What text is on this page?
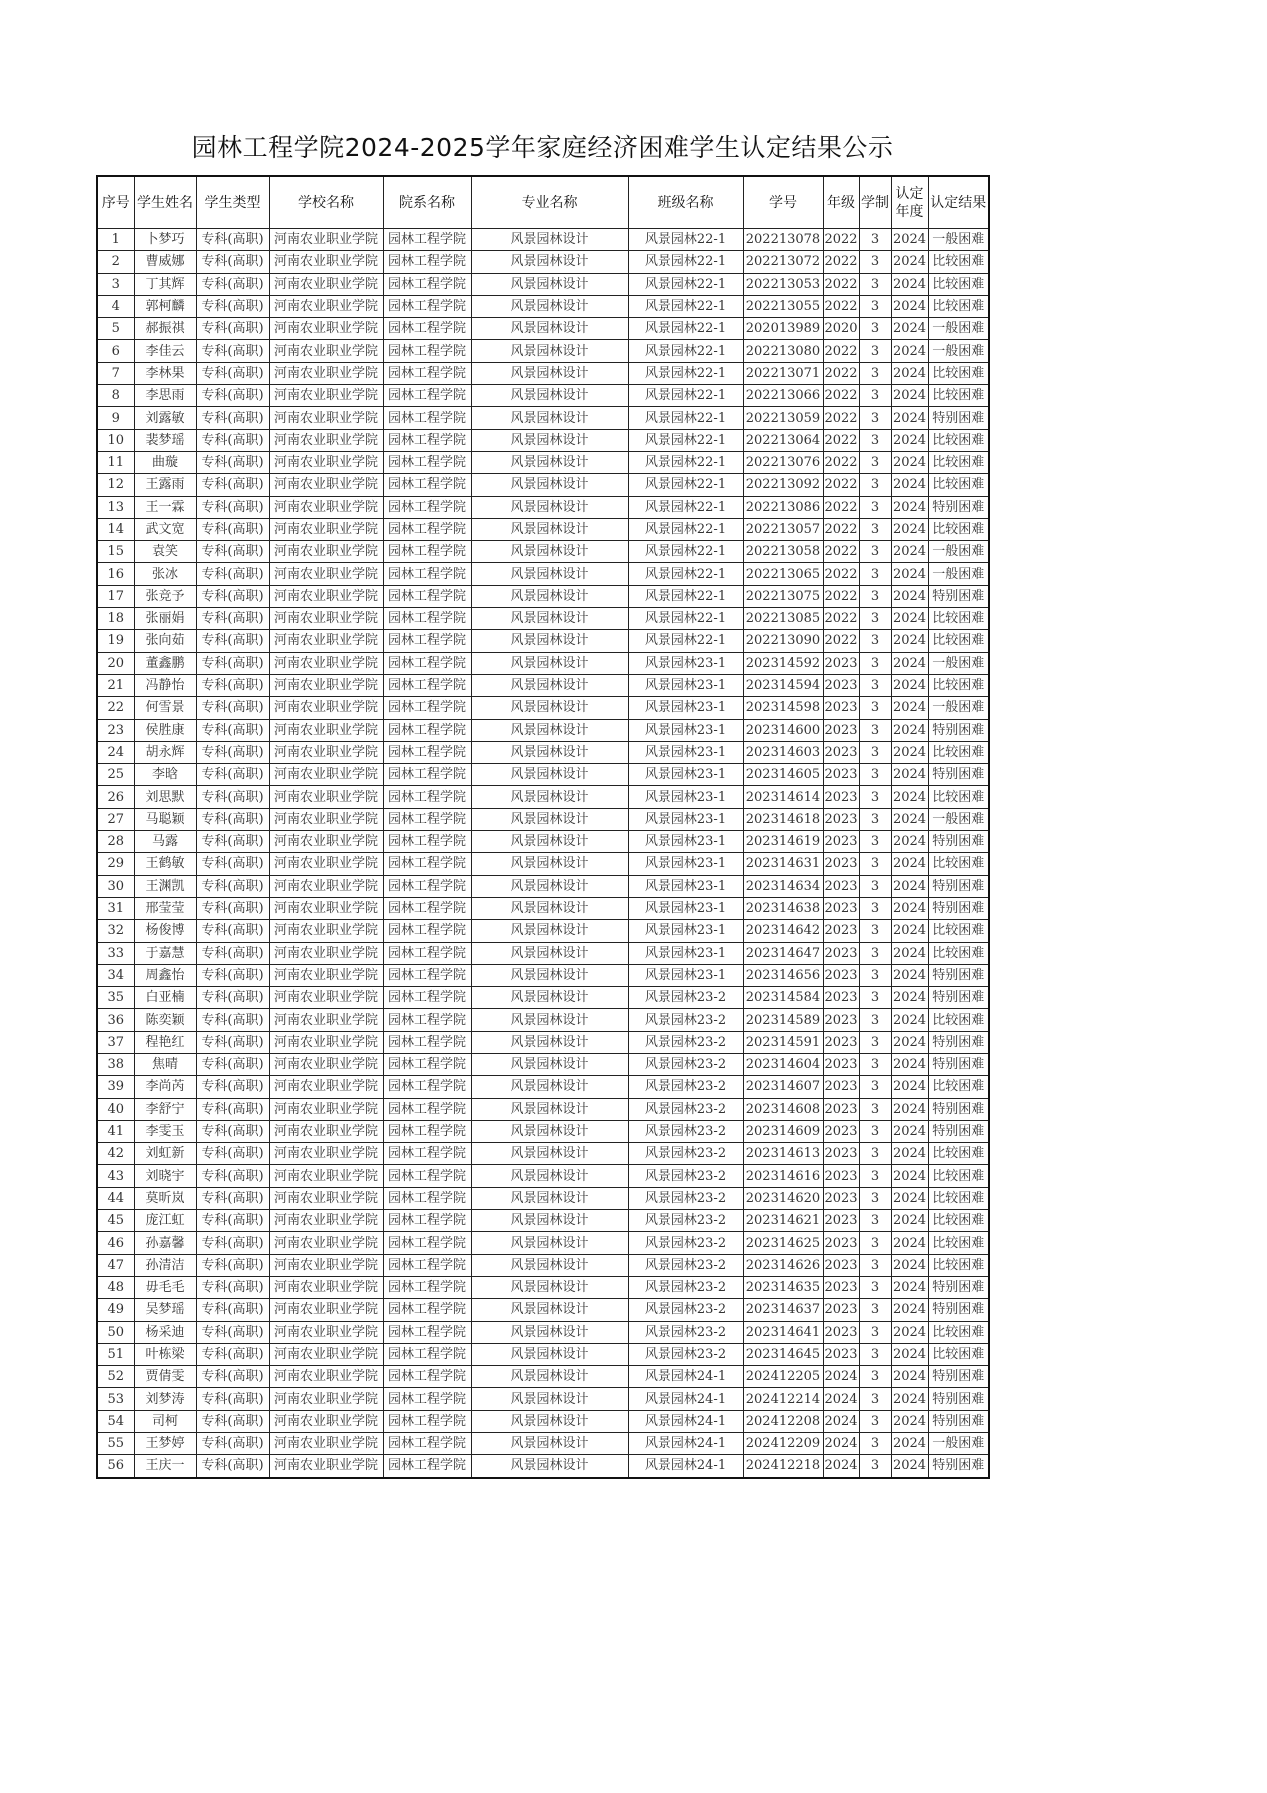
园林工程学院2024-2025学年家庭经济困难学生认定结果公示
序号	学生姓名	学生类型	学校名称	院系名称	专业名称	班级名称	学号	年级	学制	认定年度	认定结果
1	卜梦巧	专科(高职)	河南农业职业学院	园林工程学院	风景园林设计	风景园林22-1	202213078	2022	3	2024	一般困难
2	曹威娜	专科(高职)	河南农业职业学院	园林工程学院	风景园林设计	风景园林22-1	202213072	2022	3	2024	比较困难
3	丁其辉	专科(高职)	河南农业职业学院	园林工程学院	风景园林设计	风景园林22-1	202213053	2022	3	2024	比较困难
4	郭柯麟	专科(高职)	河南农业职业学院	园林工程学院	风景园林设计	风景园林22-1	202213055	2022	3	2024	比较困难
5	郝振祺	专科(高职)	河南农业职业学院	园林工程学院	风景园林设计	风景园林22-1	202013989	2020	3	2024	一般困难
6	李佳云	专科(高职)	河南农业职业学院	园林工程学院	风景园林设计	风景园林22-1	202213080	2022	3	2024	一般困难
7	李林果	专科(高职)	河南农业职业学院	园林工程学院	风景园林设计	风景园林22-1	202213071	2022	3	2024	比较困难
8	李思雨	专科(高职)	河南农业职业学院	园林工程学院	风景园林设计	风景园林22-1	202213066	2022	3	2024	比较困难
9	刘露敏	专科(高职)	河南农业职业学院	园林工程学院	风景园林设计	风景园林22-1	202213059	2022	3	2024	特别困难
10	裴梦瑶	专科(高职)	河南农业职业学院	园林工程学院	风景园林设计	风景园林22-1	202213064	2022	3	2024	比较困难
11	曲璇	专科(高职)	河南农业职业学院	园林工程学院	风景园林设计	风景园林22-1	202213076	2022	3	2024	比较困难
12	王露雨	专科(高职)	河南农业职业学院	园林工程学院	风景园林设计	风景园林22-1	202213092	2022	3	2024	比较困难
13	王一霖	专科(高职)	河南农业职业学院	园林工程学院	风景园林设计	风景园林22-1	202213086	2022	3	2024	特别困难
14	武文宽	专科(高职)	河南农业职业学院	园林工程学院	风景园林设计	风景园林22-1	202213057	2022	3	2024	比较困难
15	袁笑	专科(高职)	河南农业职业学院	园林工程学院	风景园林设计	风景园林22-1	202213058	2022	3	2024	一般困难
16	张冰	专科(高职)	河南农业职业学院	园林工程学院	风景园林设计	风景园林22-1	202213065	2022	3	2024	一般困难
17	张竞予	专科(高职)	河南农业职业学院	园林工程学院	风景园林设计	风景园林22-1	202213075	2022	3	2024	特别困难
18	张丽娟	专科(高职)	河南农业职业学院	园林工程学院	风景园林设计	风景园林22-1	202213085	2022	3	2024	比较困难
19	张向茹	专科(高职)	河南农业职业学院	园林工程学院	风景园林设计	风景园林22-1	202213090	2022	3	2024	比较困难
20	董鑫鹏	专科(高职)	河南农业职业学院	园林工程学院	风景园林设计	风景园林23-1	202314592	2023	3	2024	一般困难
21	冯静怡	专科(高职)	河南农业职业学院	园林工程学院	风景园林设计	风景园林23-1	202314594	2023	3	2024	比较困难
22	何雪景	专科(高职)	河南农业职业学院	园林工程学院	风景园林设计	风景园林23-1	202314598	2023	3	2024	一般困难
23	侯胜康	专科(高职)	河南农业职业学院	园林工程学院	风景园林设计	风景园林23-1	202314600	2023	3	2024	特别困难
24	胡永辉	专科(高职)	河南农业职业学院	园林工程学院	风景园林设计	风景园林23-1	202314603	2023	3	2024	比较困难
25	李晗	专科(高职)	河南农业职业学院	园林工程学院	风景园林设计	风景园林23-1	202314605	2023	3	2024	特别困难
26	刘思默	专科(高职)	河南农业职业学院	园林工程学院	风景园林设计	风景园林23-1	202314614	2023	3	2024	比较困难
27	马聪颖	专科(高职)	河南农业职业学院	园林工程学院	风景园林设计	风景园林23-1	202314618	2023	3	2024	一般困难
28	马露	专科(高职)	河南农业职业学院	园林工程学院	风景园林设计	风景园林23-1	202314619	2023	3	2024	特别困难
29	王鹤敏	专科(高职)	河南农业职业学院	园林工程学院	风景园林设计	风景园林23-1	202314631	2023	3	2024	比较困难
30	王渊凯	专科(高职)	河南农业职业学院	园林工程学院	风景园林设计	风景园林23-1	202314634	2023	3	2024	特别困难
31	邢莹莹	专科(高职)	河南农业职业学院	园林工程学院	风景园林设计	风景园林23-1	202314638	2023	3	2024	特别困难
32	杨俊博	专科(高职)	河南农业职业学院	园林工程学院	风景园林设计	风景园林23-1	202314642	2023	3	2024	比较困难
33	于嘉慧	专科(高职)	河南农业职业学院	园林工程学院	风景园林设计	风景园林23-1	202314647	2023	3	2024	比较困难
34	周鑫怡	专科(高职)	河南农业职业学院	园林工程学院	风景园林设计	风景园林23-1	202314656	2023	3	2024	特别困难
35	白亚楠	专科(高职)	河南农业职业学院	园林工程学院	风景园林设计	风景园林23-2	202314584	2023	3	2024	特别困难
36	陈奕颖	专科(高职)	河南农业职业学院	园林工程学院	风景园林设计	风景园林23-2	202314589	2023	3	2024	比较困难
37	程艳红	专科(高职)	河南农业职业学院	园林工程学院	风景园林设计	风景园林23-2	202314591	2023	3	2024	特别困难
38	焦晴	专科(高职)	河南农业职业学院	园林工程学院	风景园林设计	风景园林23-2	202314604	2023	3	2024	特别困难
39	李尚芮	专科(高职)	河南农业职业学院	园林工程学院	风景园林设计	风景园林23-2	202314607	2023	3	2024	比较困难
40	李舒宁	专科(高职)	河南农业职业学院	园林工程学院	风景园林设计	风景园林23-2	202314608	2023	3	2024	特别困难
41	李雯玉	专科(高职)	河南农业职业学院	园林工程学院	风景园林设计	风景园林23-2	202314609	2023	3	2024	特别困难
42	刘虹新	专科(高职)	河南农业职业学院	园林工程学院	风景园林设计	风景园林23-2	202314613	2023	3	2024	比较困难
43	刘晓宇	专科(高职)	河南农业职业学院	园林工程学院	风景园林设计	风景园林23-2	202314616	2023	3	2024	比较困难
44	莫昕岚	专科(高职)	河南农业职业学院	园林工程学院	风景园林设计	风景园林23-2	202314620	2023	3	2024	比较困难
45	庞江虹	专科(高职)	河南农业职业学院	园林工程学院	风景园林设计	风景园林23-2	202314621	2023	3	2024	比较困难
46	孙嘉馨	专科(高职)	河南农业职业学院	园林工程学院	风景园林设计	风景园林23-2	202314625	2023	3	2024	比较困难
47	孙清洁	专科(高职)	河南农业职业学院	园林工程学院	风景园林设计	风景园林23-2	202314626	2023	3	2024	比较困难
48	毋毛毛	专科(高职)	河南农业职业学院	园林工程学院	风景园林设计	风景园林23-2	202314635	2023	3	2024	特别困难
49	吴梦瑶	专科(高职)	河南农业职业学院	园林工程学院	风景园林设计	风景园林23-2	202314637	2023	3	2024	特别困难
50	杨采迪	专科(高职)	河南农业职业学院	园林工程学院	风景园林设计	风景园林23-2	202314641	2023	3	2024	比较困难
51	叶栋梁	专科(高职)	河南农业职业学院	园林工程学院	风景园林设计	风景园林23-2	202314645	2023	3	2024	比较困难
52	贾倩雯	专科(高职)	河南农业职业学院	园林工程学院	风景园林设计	风景园林24-1	202412205	2024	3	2024	特别困难
53	刘梦涛	专科(高职)	河南农业职业学院	园林工程学院	风景园林设计	风景园林24-1	202412214	2024	3	2024	特别困难
54	司柯	专科(高职)	河南农业职业学院	园林工程学院	风景园林设计	风景园林24-1	202412208	2024	3	2024	特别困难
55	王梦婷	专科(高职)	河南农业职业学院	园林工程学院	风景园林设计	风景园林24-1	202412209	2024	3	2024	一般困难
56	王庆一	专科(高职)	河南农业职业学院	园林工程学院	风景园林设计	风景园林24-1	202412218	2024	3	2024	特别困难
